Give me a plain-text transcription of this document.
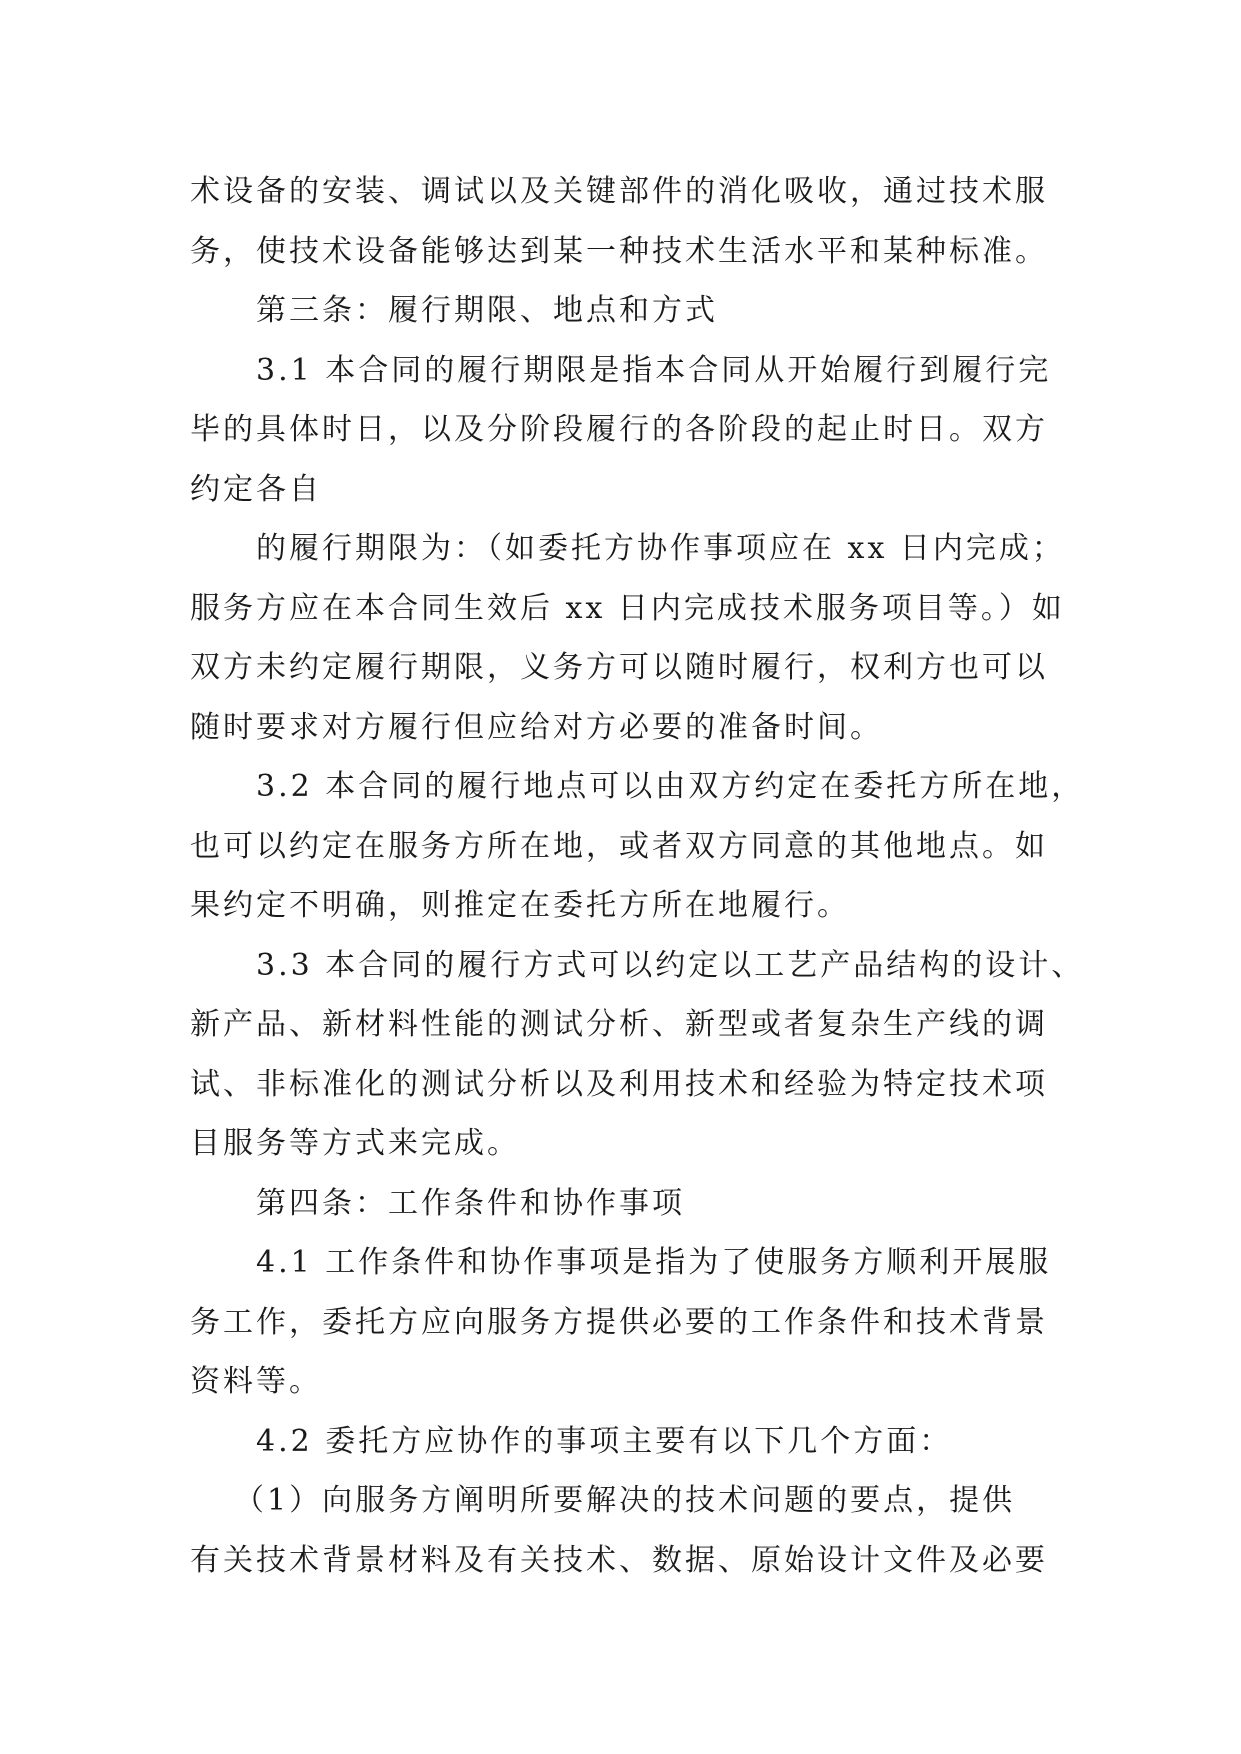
术设备的安装、调试以及关键部件的消化吸收，通过技术服
务，使技术设备能够达到某一种技术生活水平和某种标准。
第三条：履行期限、地点和方式
3.1 本合同的履行期限是指本合同从开始履行到履行完
毕的具体时日，以及分阶段履行的各阶段的起止时日。双方
约定各自
的履行期限为：（如委托方协作事项应在 xx 日内完成；
服务方应在本合同生效后 xx 日内完成技术服务项目等。）如
双方未约定履行期限，义务方可以随时履行，权利方也可以
随时要求对方履行但应给对方必要的准备时间。
3.2 本合同的履行地点可以由双方约定在委托方所在地，
也可以约定在服务方所在地，或者双方同意的其他地点。如
果约定不明确，则推定在委托方所在地履行。
3.3 本合同的履行方式可以约定以工艺产品结构的设计、
新产品、新材料性能的测试分析、新型或者复杂生产线的调
试、非标准化的测试分析以及利用技术和经验为特定技术项
目服务等方式来完成。
第四条：工作条件和协作事项
4.1 工作条件和协作事项是指为了使服务方顺利开展服
务工作，委托方应向服务方提供必要的工作条件和技术背景
资料等。
4.2 委托方应协作的事项主要有以下几个方面：
（1）向服务方阐明所要解决的技术问题的要点，提供
有关技术背景材料及有关技术、数据、原始设计文件及必要
